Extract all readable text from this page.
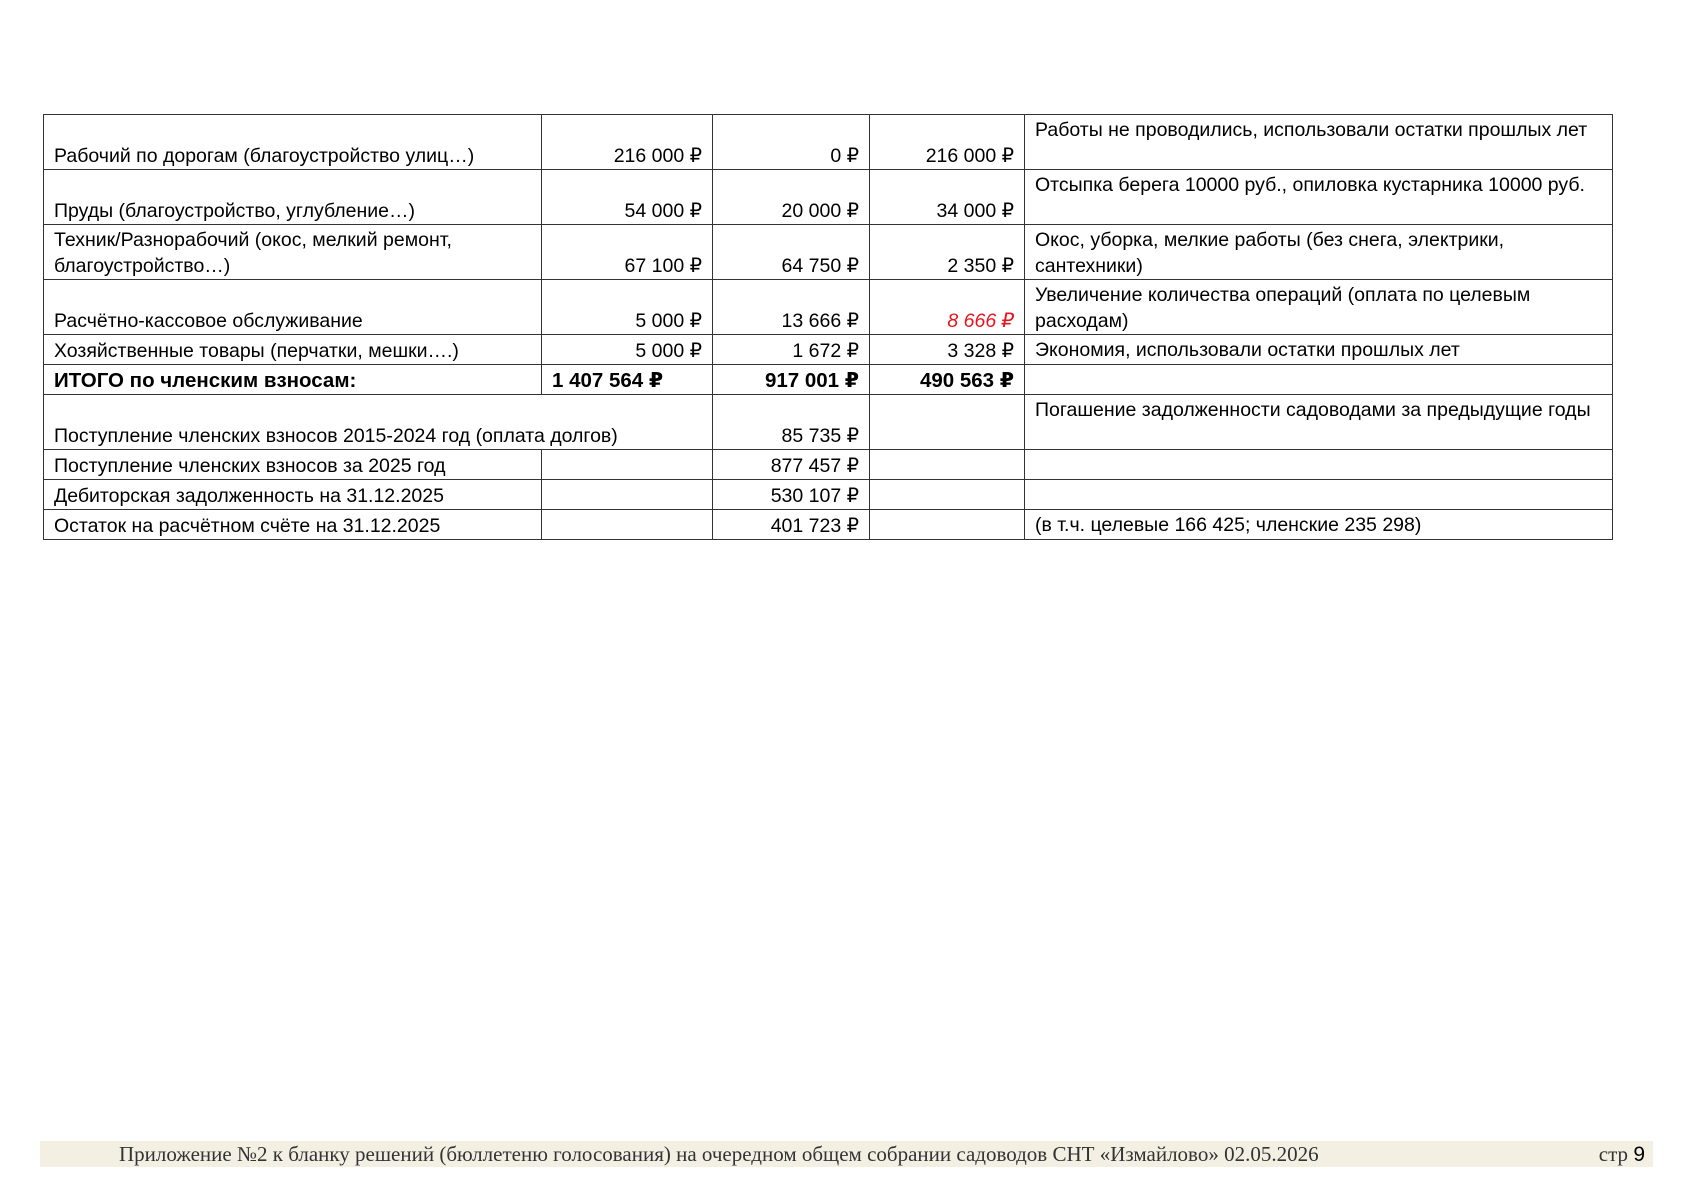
Рабочий по дорогам (благоустройство улиц…)	216 000 ₽	0 ₽	216 000 ₽	Работы не проводились, использовали остатки прошлых лет
Пруды (благоустройство, углубление…)	54 000 ₽	20 000 ₽	34 000 ₽	Отсыпка берега 10000 руб., опиловка кустарника 10000 руб.
Техник/Разнорабочий (окос, мелкий ремонт, благоустройство…)	67 100 ₽	64 750 ₽	2 350 ₽	Окос, уборка, мелкие работы (без снега, электрики, сантехники)
Расчётно-кассовое обслуживание	5 000 ₽	13 666 ₽	8 666 ₽	Увеличение количества операций (оплата по целевым расходам)
Хозяйственные товары (перчатки, мешки….)	5 000 ₽	1 672 ₽	3 328 ₽	Экономия, использовали остатки прошлых лет
ИТОГО по членским взносам:	1 407 564 ₽	917 001 ₽	490 563 ₽	
Поступление членских взносов 2015-2024 год (оплата долгов)		85 735 ₽		Погашение задолженности садоводами за предыдущие годы
Поступление членских взносов за 2025 год		877 457 ₽		
Дебиторская задолженность на 31.12.2025		530 107 ₽		
Остаток на расчётном счёте на 31.12.2025		401 723 ₽		(в т.ч. целевые 166 425; членские 235 298)
Приложение №2 к бланку решений (бюллетеню голосования) на очередном общем собрании садоводов СНТ «Измайлово» 02.05.2026	стр 9
